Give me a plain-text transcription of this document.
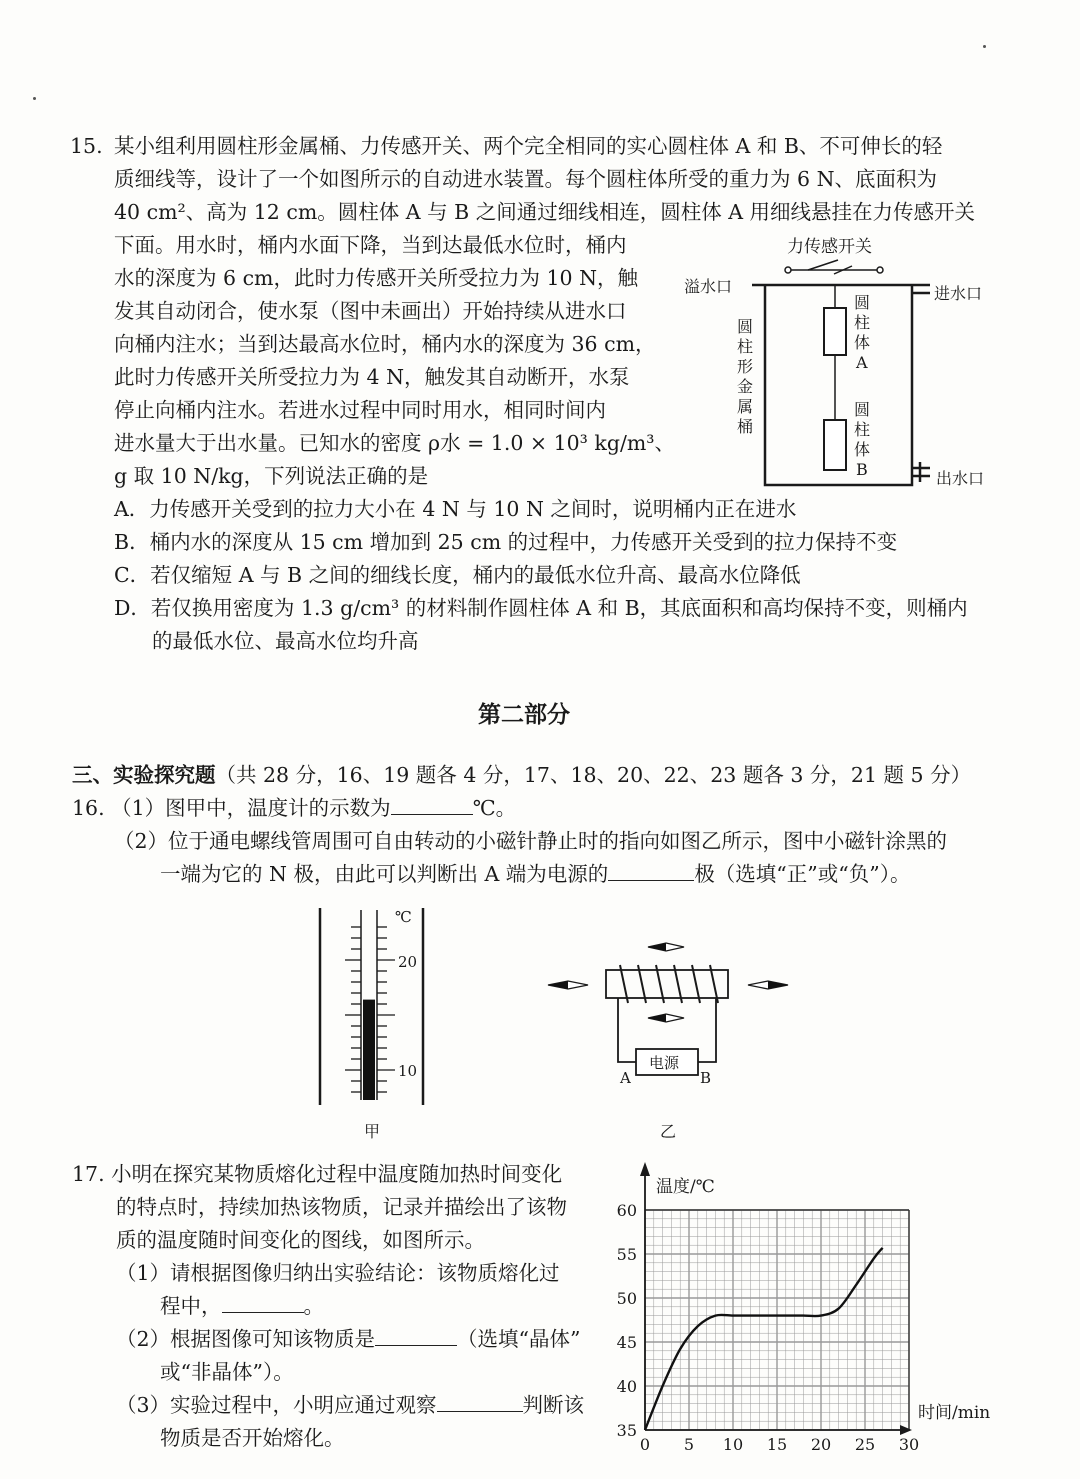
15. 某小组利用圆柱形金属桶、力传感开关、两个完全相同的实心圆柱体 A 和 B、不可伸长的轻
质细线等，设计了一个如图所示的自动进水装置。每个圆柱体所受的重力为 6 N、底面积为
40 cm²、高为 12 cm。圆柱体 A 与 B 之间通过细线相连，圆柱体 A 用细线悬挂在力传感开关
下面。用水时，桶内水面下降，当到达最低水位时，桶内
水的深度为 6 cm，此时力传感开关所受拉力为 10 N，触
发其自动闭合，使水泵（图中未画出）开始持续从进水口
向桶内注水；当到达最高水位时，桶内水的深度为 36 cm，
此时力传感开关所受拉力为 4 N，触发其自动断开，水泵
停止向桶内注水。若进水过程中同时用水，相同时间内
进水量大于出水量。已知水的密度 ρ水 = 1.0 × 10³ kg/m³、
g 取 10 N/kg，下列说法正确的是
A．力传感开关受到的拉力大小在 4 N 与 10 N 之间时，说明桶内正在进水
B．桶内水的深度从 15 cm 增加到 25 cm 的过程中，力传感开关受到的拉力保持不变
C．若仅缩短 A 与 B 之间的细线长度，桶内的最低水位升高、最高水位降低
D．若仅换用密度为 1.3 g/cm³ 的材料制作圆柱体 A 和 B，其底面积和高均保持不变，则桶内
的最低水位、最高水位均升高
力传感开关
溢水口	进水口
出水口
圆
柱
形
金
属
桶
圆
柱
体
A
圆
柱
体
B
第二部分
三、实验探究题（共 28 分，16、19 题各 4 分，17、18、20、22、23 题各 3 分，21 题 5 分）
16. （1）图甲中，温度计的示数为	℃。
（2）位于通电螺线管周围可自由转动的小磁针静止时的指向如图乙所示，图中小磁针涂黑的
一端为它的 N 极，由此可以判断出 A 端为电源的	极（选填“正”或“负”）。
℃
20
10
甲
电源
A	B
乙
17. 小明在探究某物质熔化过程中温度随加热时间变化
的特点时，持续加热该物质，记录并描绘出了该物
质的温度随时间变化的图线，如图所示。
（1）请根据图像归纳出实验结论：该物质熔化过
程中，	。
（2）根据图像可知该物质是	（选填“晶体”
或“非晶体”）。
（3）实验过程中，小明应通过观察	判断该
物质是否开始熔化。	35
40
45
50
55
60
0 5 10 15 20 25 30
温度/℃
时间/min
